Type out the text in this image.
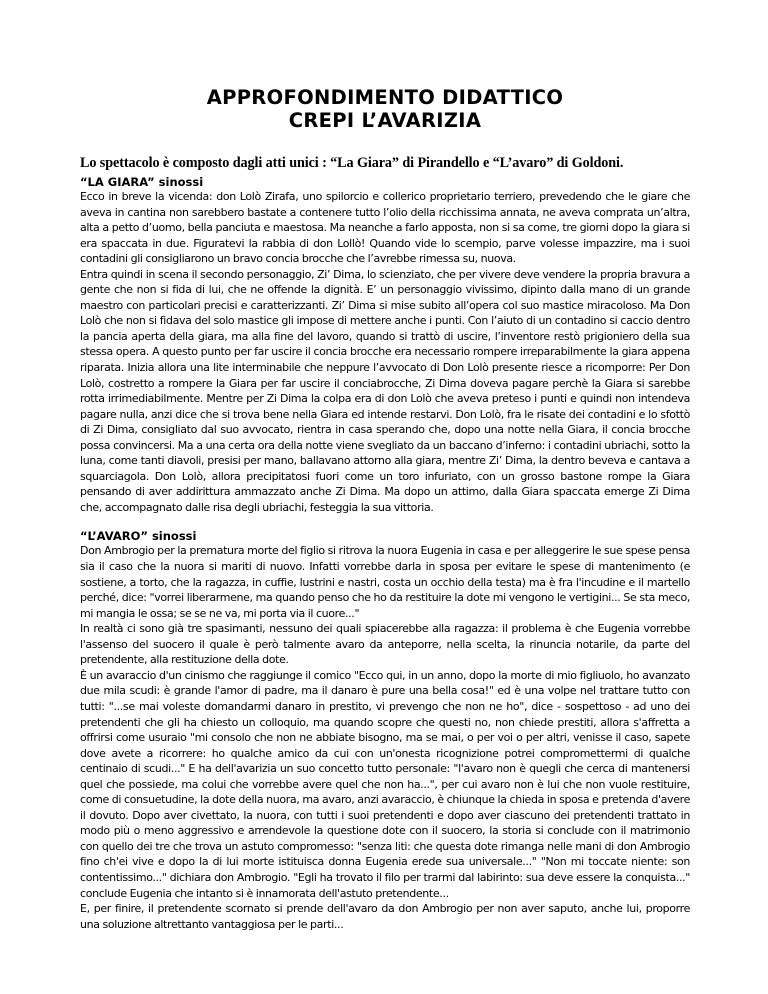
APPROFONDIMENTO DIDATTICO
CREPI L’AVARIZIA

Lo spettacolo è composto dagli atti unici : “La Giara” di Pirandello e “L’avaro” di Goldoni.

“LA GIARA” sinossi

Ecco in breve la vicenda: don Lolò Zirafa, uno spilorcio e collerico proprietario terriero, prevedendo che le giare che aveva in cantina non sarebbero bastate a contenere tutto l’olio della ricchissima annata, ne aveva comprata un’altra, alta a petto d’uomo, bella panciuta e maestosa. Ma neanche a farlo apposta, non si sa come, tre giorni dopo la giara si era spaccata in due. Figuratevi la rabbia di don Lollò! Quando vide lo scempio, parve volesse impazzire, ma i suoi contadini gli consigliarono un bravo concia brocche che l’avrebbe rimessa su, nuova.

Entra quindi in scena il secondo personaggio, Zi’ Dima, lo scienziato, che per vivere deve vendere la propria bravura a gente che non si fida di lui, che ne offende la dignità. E’ un personaggio vivissimo, dipinto dalla mano di un grande maestro con particolari precisi e caratterizzanti. Zi’ Dima si mise subito all’opera col suo mastice miracoloso. Ma Don Lolò che non si fidava del solo mastice gli impose di mettere anche i punti. Con l’aiuto di un contadino si caccio dentro la pancia aperta della giara, ma alla fine del lavoro, quando si trattò di uscire, l’inventore restò prigioniero della sua stessa opera. A questo punto per far uscire il concia brocche era necessario rompere irreparabilmente la giara appena riparata. Inizia allora una lite interminabile che neppure l’avvocato di Don Lolò presente riesce a ricomporre: Per Don Lolò, costretto a rompere la Giara per far uscire il conciabrocche, Zi Dima doveva pagare perchè la Giara si sarebbe rotta irrimediabilmente. Mentre per Zi Dima la colpa era di don Lolò che aveva preteso i punti e quindi non intendeva pagare nulla, anzi dice che si trova bene nella Giara ed intende restarvi. Don Lolò, fra le risate dei contadini e lo sfottò di Zi Dima, consigliato dal suo avvocato, rientra in casa sperando che, dopo una notte nella Giara, il concia brocche possa convincersi. Ma a una certa ora della notte viene svegliato da un baccano d’inferno: i contadini ubriachi, sotto la luna, come tanti diavoli, presisi per mano, ballavano attorno alla giara, mentre Zi’ Dima, la dentro beveva e cantava a squarciagola. Don Lolò, allora precipitatosi fuori come un toro infuriato, con un grosso bastone rompe la Giara pensando di aver addirittura ammazzato anche Zi Dima. Ma dopo un attimo, dalla Giara spaccata emerge Zi Dima che, accompagnato dalle risa degli ubriachi, festeggia la sua vittoria.

“L’AVARO” sinossi

Don Ambrogio per la prematura morte del figlio si ritrova la nuora Eugenia in casa e per alleggerire le sue spese pensa sia il caso che la nuora si mariti di nuovo. Infatti vorrebbe darla in sposa per evitare le spese di mantenimento (e sostiene, a torto, che la ragazza, in cuffie, lustrini e nastri, costa un occhio della testa) ma è fra l'incudine e il martello perché, dice: "vorrei liberarmene, ma quando penso che ho da restituire la dote mi vengono le vertigini... Se sta meco, mi mangia le ossa; se se ne va, mi porta via il cuore..."

In realtà ci sono già tre spasimanti, nessuno dei quali spiacerebbe alla ragazza: il problema è che Eugenia vorrebbe l'assenso del suocero il quale è però talmente avaro da anteporre, nella scelta, la rinuncia notarile, da parte del pretendente, alla restituzione della dote.

È un avaraccio d'un cinismo che raggiunge il comico "Ecco qui, in un anno, dopo la morte di mio figliuolo, ho avanzato due mila scudi: è grande l'amor di padre, ma il danaro è pure una bella cosa!" ed è una volpe nel trattare tutto con tutti: "...se mai voleste domandarmi danaro in prestito, vi prevengo che non ne ho", dice - sospettoso - ad uno dei pretendenti che gli ha chiesto un colloquio, ma quando scopre che questi no, non chiede prestiti, allora s'affretta a offrirsi come usuraio "mi consolo che non ne abbiate bisogno, ma se mai, o per voi o per altri, venisse il caso, sapete dove avete a ricorrere: ho qualche amico da cui con un'onesta ricognizione potrei compromettermi di qualche centinaio di scudi..." E ha dell'avarizia un suo concetto tutto personale: "l'avaro non è quegli che cerca di mantenersi quel che possiede, ma colui che vorrebbe avere quel che non ha...", per cui avaro non è lui che non vuole restituire, come di consuetudine, la dote della nuora, ma avaro, anzi avaraccio, è chiunque la chieda in sposa e pretenda d'avere il dovuto. Dopo aver civettato, la nuora, con tutti i suoi pretendenti e dopo aver ciascuno dei pretendenti trattato in modo più o meno aggressivo e arrendevole la questione dote con il suocero, la storia si conclude con il matrimonio con quello dei tre che trova un astuto compromesso: "senza liti: che questa dote rimanga nelle mani di don Ambrogio fino ch'ei vive e dopo la di lui morte istituisca donna Eugenia erede sua universale..." "Non mi toccate niente: son contentissimo..." dichiara don Ambrogio. "Egli ha trovato il filo per trarmi dal labirinto: sua deve essere la conquista..." conclude Eugenia che intanto si è innamorata dell'astuto pretendente...

E, per finire, il pretendente scornato si prende dell'avaro da don Ambrogio per non aver saputo, anche lui, proporre una soluzione altrettanto vantaggiosa per le parti...
